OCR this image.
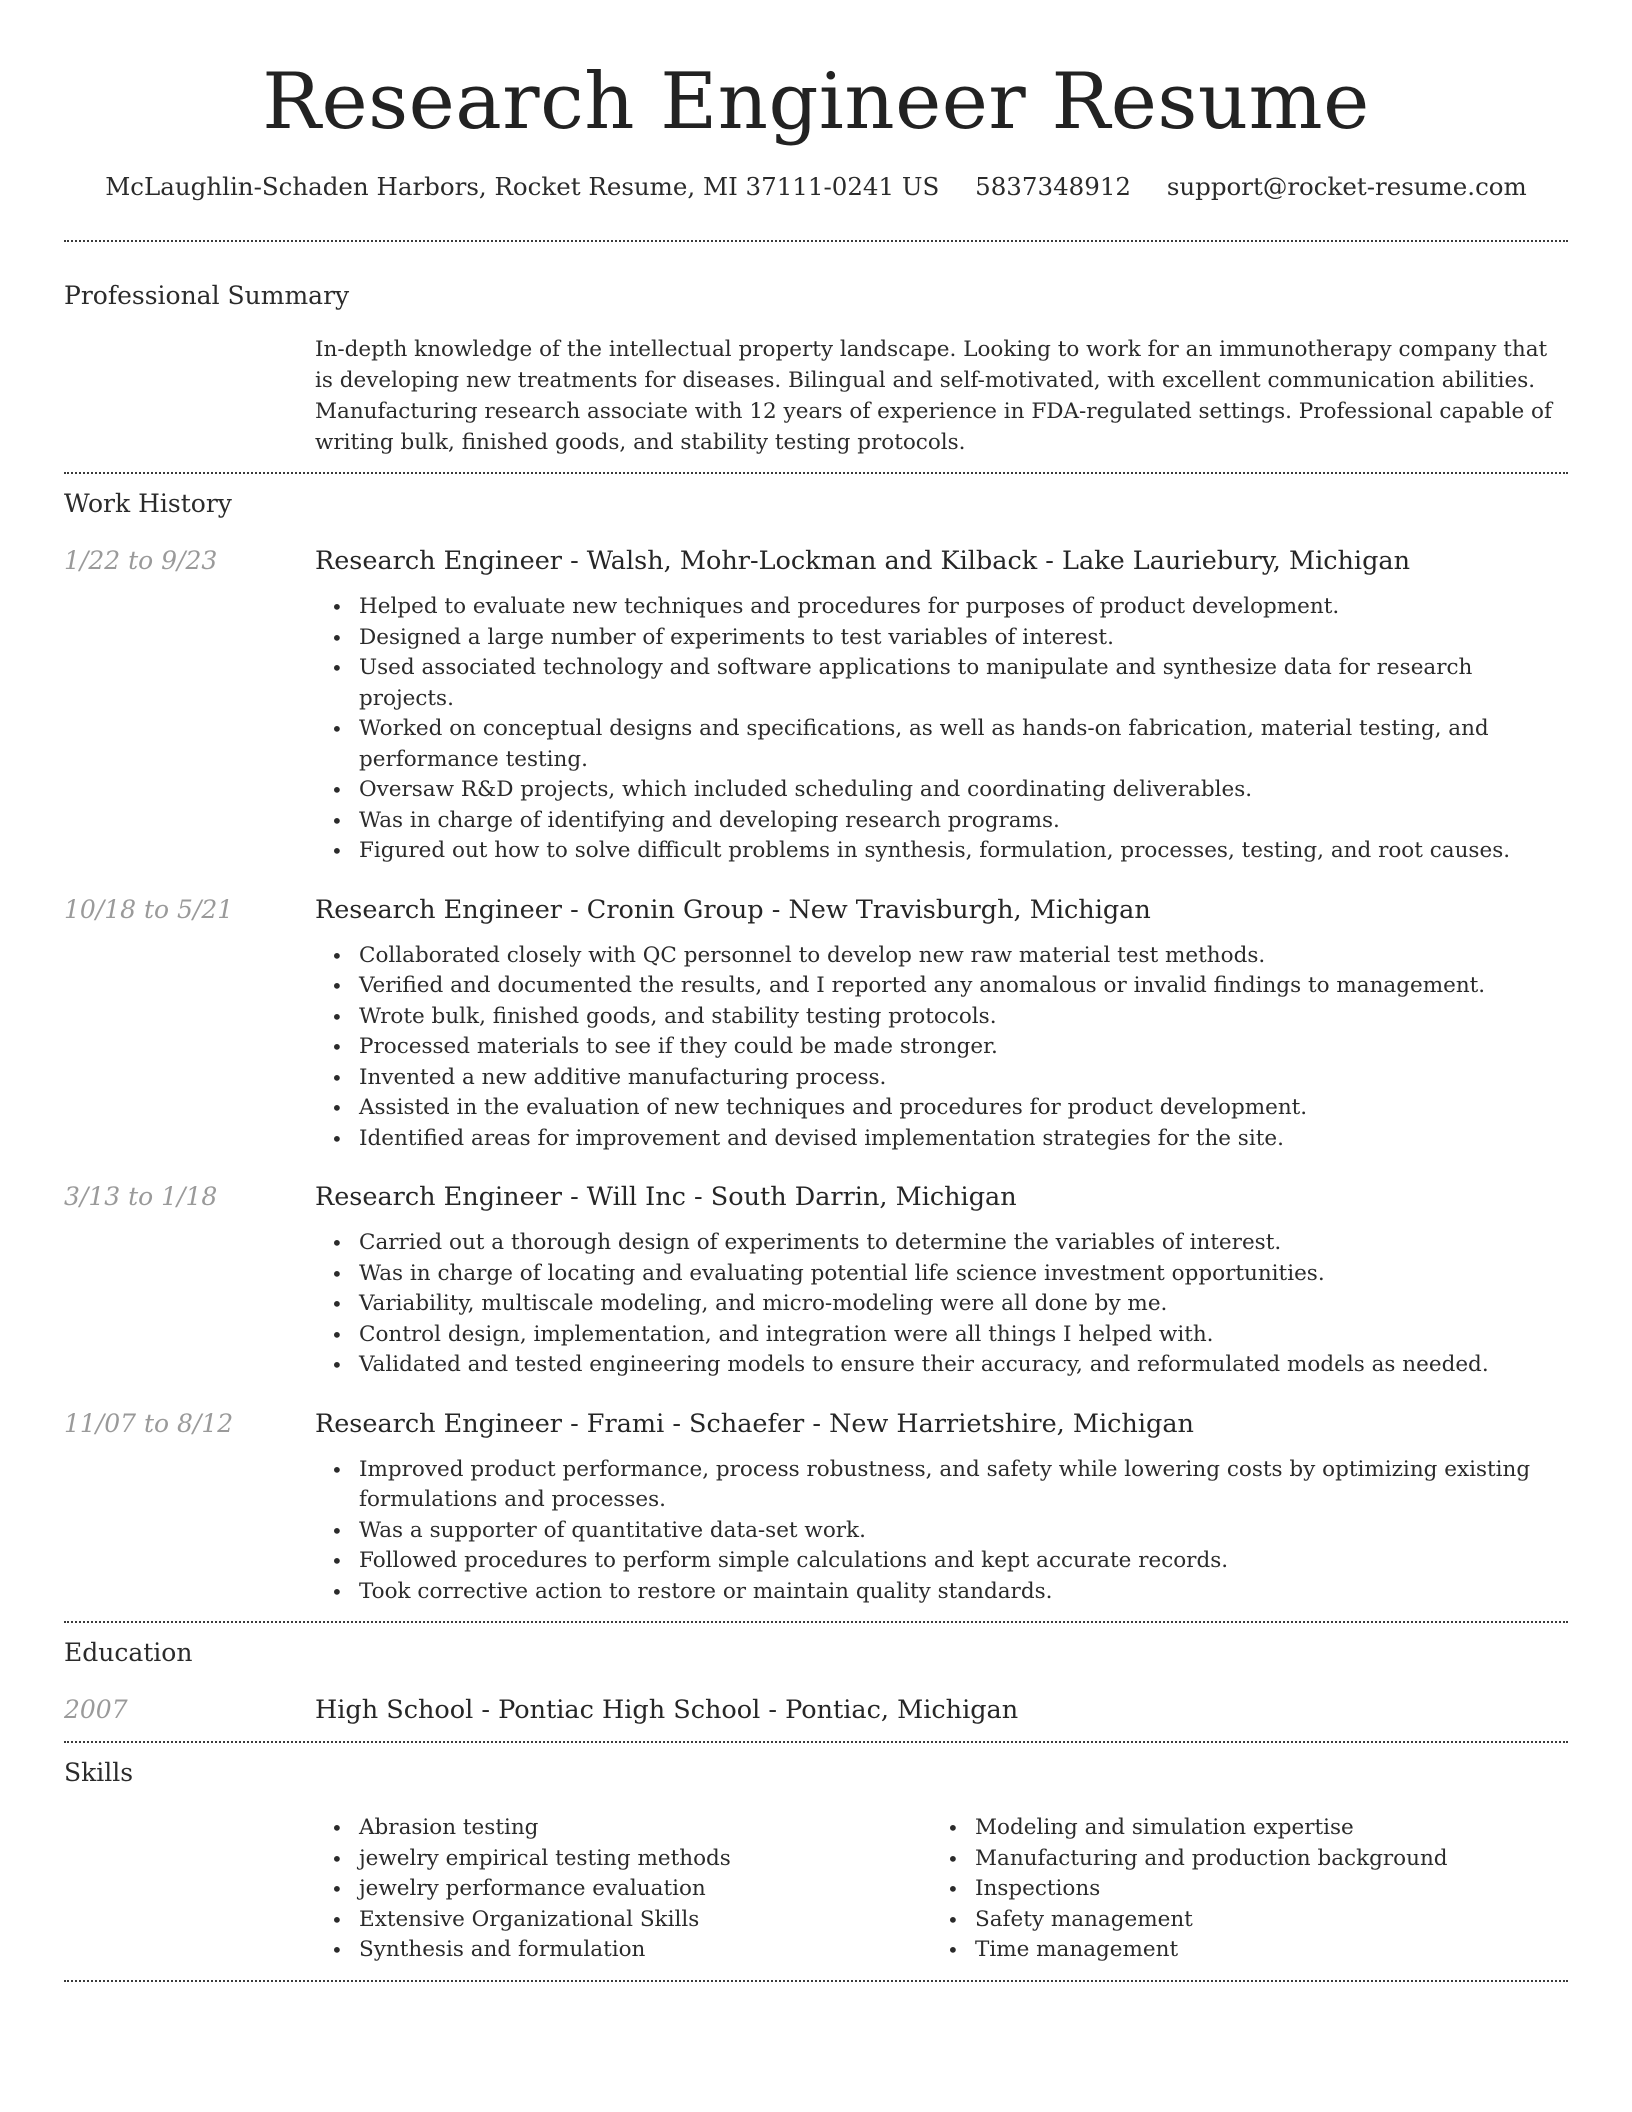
Research Engineer Resume
McLaughlin-Schaden Harbors, Rocket Resume, MI 37111-0241 US 5837348912 support@rocket-resume.com
Professional Summary
In-depth knowledge of the intellectual property landscape. Looking to work for an immunotherapy company that is developing new treatments for diseases. Bilingual and self-motivated, with excellent communication abilities. Manufacturing research associate with 12 years of experience in FDA-regulated settings. Professional capable of writing bulk, finished goods, and stability testing protocols.
Work History
1/22 to 9/23	Research Engineer - Walsh, Mohr-Lockman and Kilback - Lake Lauriebury, Michigan
• Helped to evaluate new techniques and procedures for purposes of product development.
• Designed a large number of experiments to test variables of interest.
• Used associated technology and software applications to manipulate and synthesize data for research projects.
• Worked on conceptual designs and specifications, as well as hands-on fabrication, material testing, and performance testing.
• Oversaw R&D projects, which included scheduling and coordinating deliverables.
• Was in charge of identifying and developing research programs.
• Figured out how to solve difficult problems in synthesis, formulation, processes, testing, and root causes.
10/18 to 5/21	Research Engineer - Cronin Group - New Travisburgh, Michigan
• Collaborated closely with QC personnel to develop new raw material test methods.
• Verified and documented the results, and I reported any anomalous or invalid findings to management.
• Wrote bulk, finished goods, and stability testing protocols.
• Processed materials to see if they could be made stronger.
• Invented a new additive manufacturing process.
• Assisted in the evaluation of new techniques and procedures for product development.
• Identified areas for improvement and devised implementation strategies for the site.
3/13 to 1/18	Research Engineer - Will Inc - South Darrin, Michigan
• Carried out a thorough design of experiments to determine the variables of interest.
• Was in charge of locating and evaluating potential life science investment opportunities.
• Variability, multiscale modeling, and micro-modeling were all done by me.
• Control design, implementation, and integration were all things I helped with.
• Validated and tested engineering models to ensure their accuracy, and reformulated models as needed.
11/07 to 8/12	Research Engineer - Frami - Schaefer - New Harrietshire, Michigan
• Improved product performance, process robustness, and safety while lowering costs by optimizing existing formulations and processes.
• Was a supporter of quantitative data-set work.
• Followed procedures to perform simple calculations and kept accurate records.
• Took corrective action to restore or maintain quality standards.
Education
2007	High School - Pontiac High School - Pontiac, Michigan
Skills
• Abrasion testing
• jewelry empirical testing methods
• jewelry performance evaluation
• Extensive Organizational Skills
• Synthesis and formulation
• Modeling and simulation expertise
• Manufacturing and production background
• Inspections
• Safety management
• Time management
